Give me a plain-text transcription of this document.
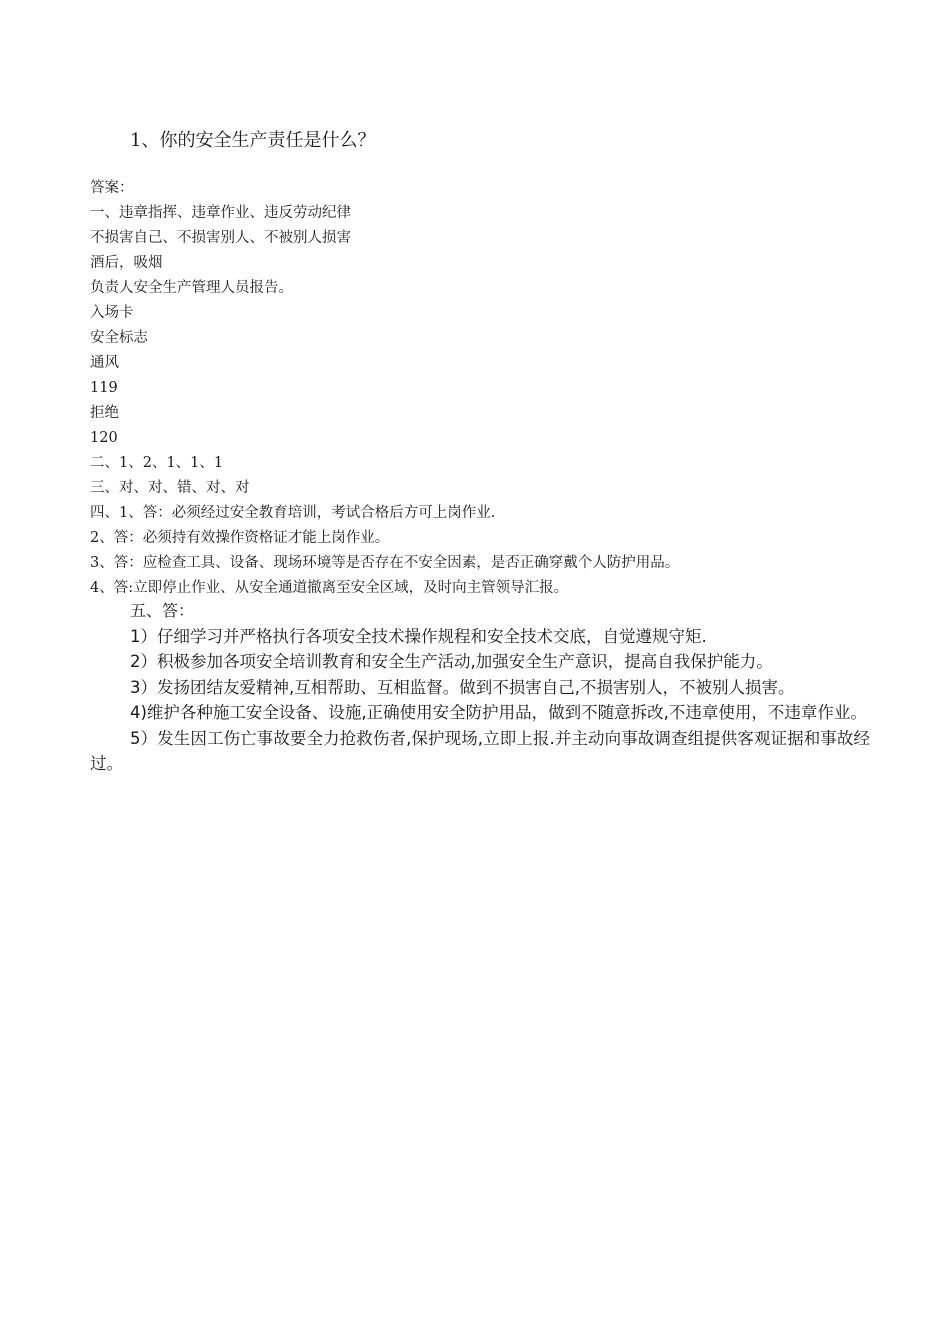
1、你的安全生产责任是什么？
答案：
一、违章指挥、违章作业、违反劳动纪律
不损害自己、不损害别人、不被别人损害
酒后，吸烟
负责人安全生产管理人员报告。
入场卡
安全标志
通风
119
拒绝
120
二、1、2、1、1、1
三、对、对、错、对、对
四、1、答：必须经过安全教育培训，考试合格后方可上岗作业.
2、答：必须持有效操作资格证才能上岗作业。
3、答：应检查工具、设备、现场环境等是否存在不安全因素，是否正确穿戴个人防护用品。
4、答:立即停止作业、从安全通道撤离至安全区域，及时向主管领导汇报。
五、答：
1）仔细学习并严格执行各项安全技术操作规程和安全技术交底，自觉遵规守矩.
2）积极参加各项安全培训教育和安全生产活动,加强安全生产意识，提高自我保护能力。
3）发扬团结友爱精神,互相帮助、互相监督。做到不损害自己,不损害别人，不被别人损害。
4)维护各种施工安全设备、设施,正确使用安全防护用品，做到不随意拆改,不违章使用，不违章作业。
5）发生因工伤亡事故要全力抢救伤者,保护现场,立即上报.并主动向事故调查组提供客观证据和事故经过。
